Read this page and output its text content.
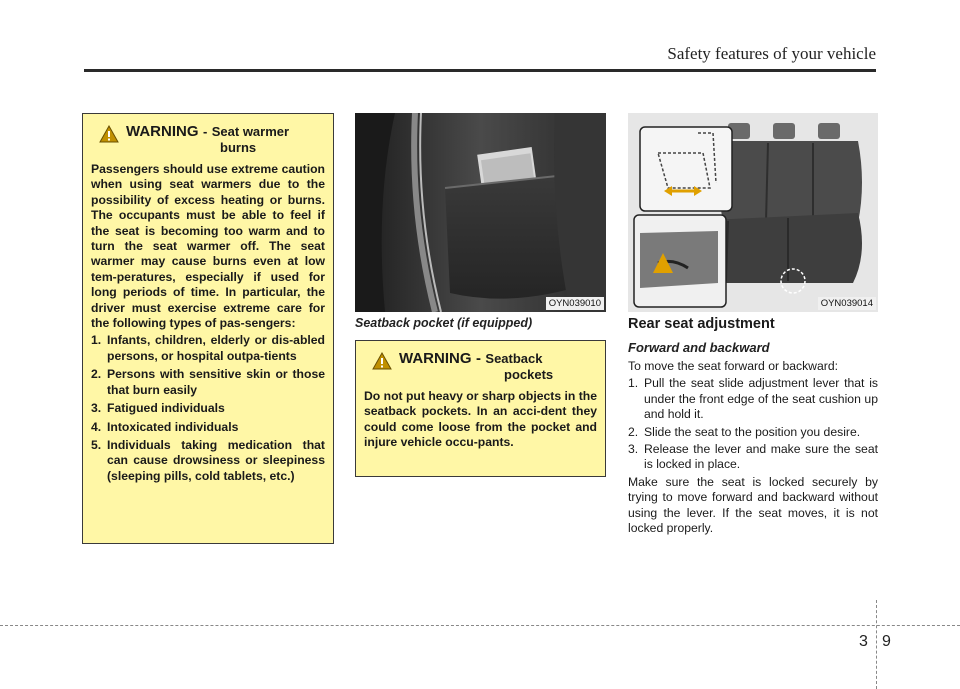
Safety features of your vehicle
WARNING - Seat warmer
burns
Passengers should use extreme caution when using seat warmers due to the possibility of excess heating or burns. The occupants must be able to feel if the seat is becoming too warm and to turn the seat warmer off. The seat warmer may cause burns even at low tem-peratures, especially if used for long periods of time. In particular, the driver must exercise extreme care for the following types of pas-sengers:
1. Infants, children, elderly or dis-abled persons, or hospital outpa-tients
2. Persons with sensitive skin or those that burn easily
3. Fatigued individuals
4. Intoxicated individuals
5. Individuals taking medication that can cause drowsiness or sleepiness (sleeping pills, cold tablets, etc.)
OYN039010
Seatback pocket (if equipped)
WARNING - Seatback
pockets
Do not put heavy or sharp objects in the seatback pockets. In an acci-dent they could come loose from the pocket and injure vehicle occu-pants.
OYN039014
Rear seat adjustment
Forward and backward

To move the seat forward or backward:

1. Pull the seat slide adjustment lever that is under the front edge of the seat cushion up and hold it.
2. Slide the seat to the position you desire.
3. Release the lever and make sure the seat is locked in place.

Make sure the seat is locked securely by trying to move forward and backward without using the lever. If the seat moves, it is not locked properly.

3 9
